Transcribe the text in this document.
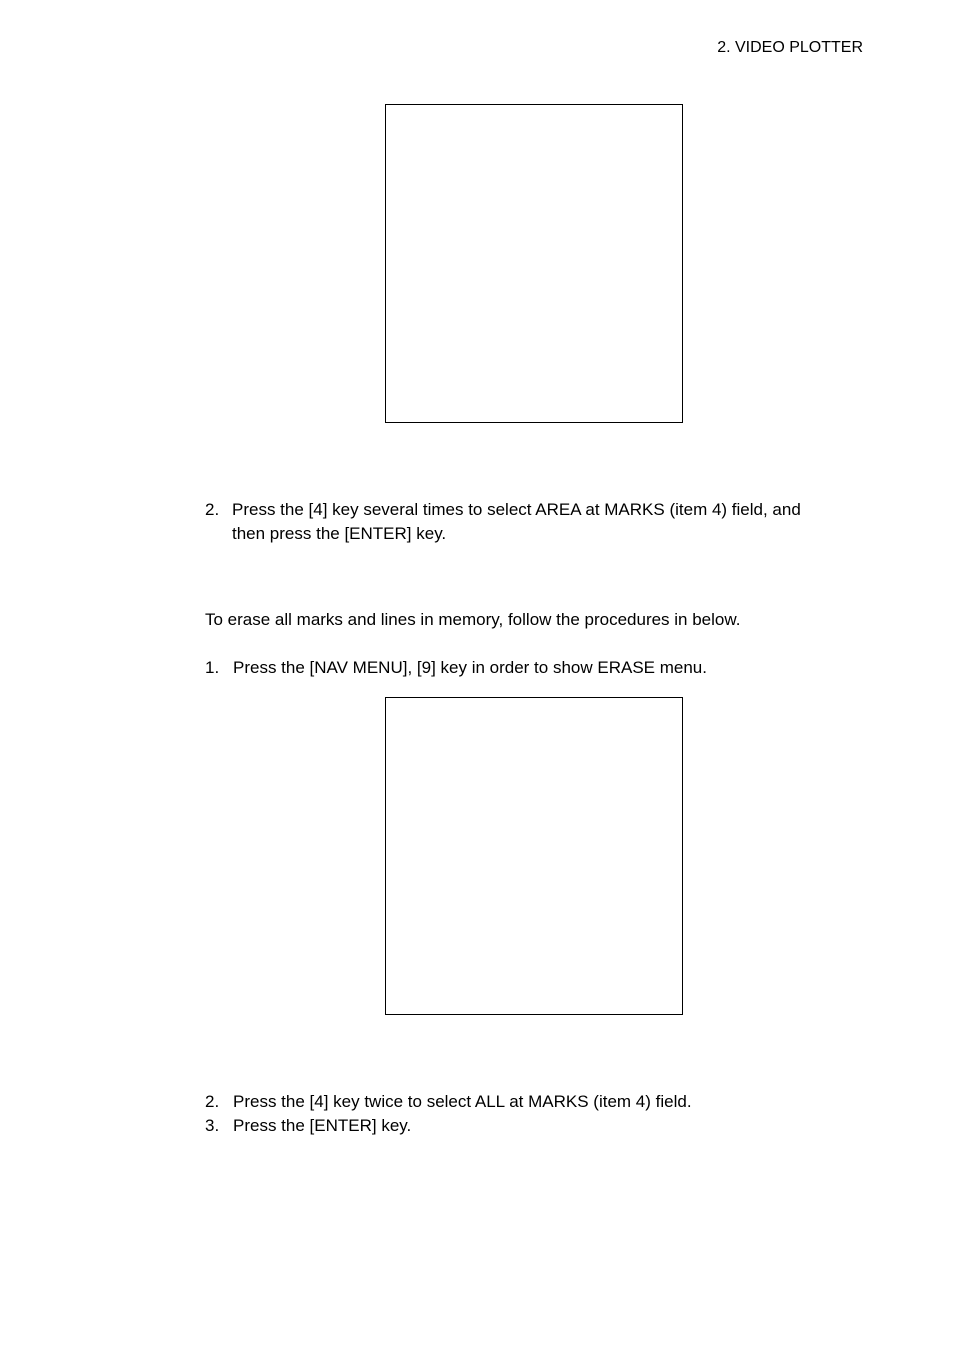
2. VIDEO PLOTTER
2. Press the [4] key several times to select AREA at MARKS (item 4) field, and
then press the [ENTER] key.
To erase all marks and lines in memory, follow the procedures in below.
1. Press the [NAV MENU], [9] key in order to show ERASE menu.
2. Press the [4] key twice to select ALL at MARKS (item 4) field.
3. Press the [ENTER] key.
